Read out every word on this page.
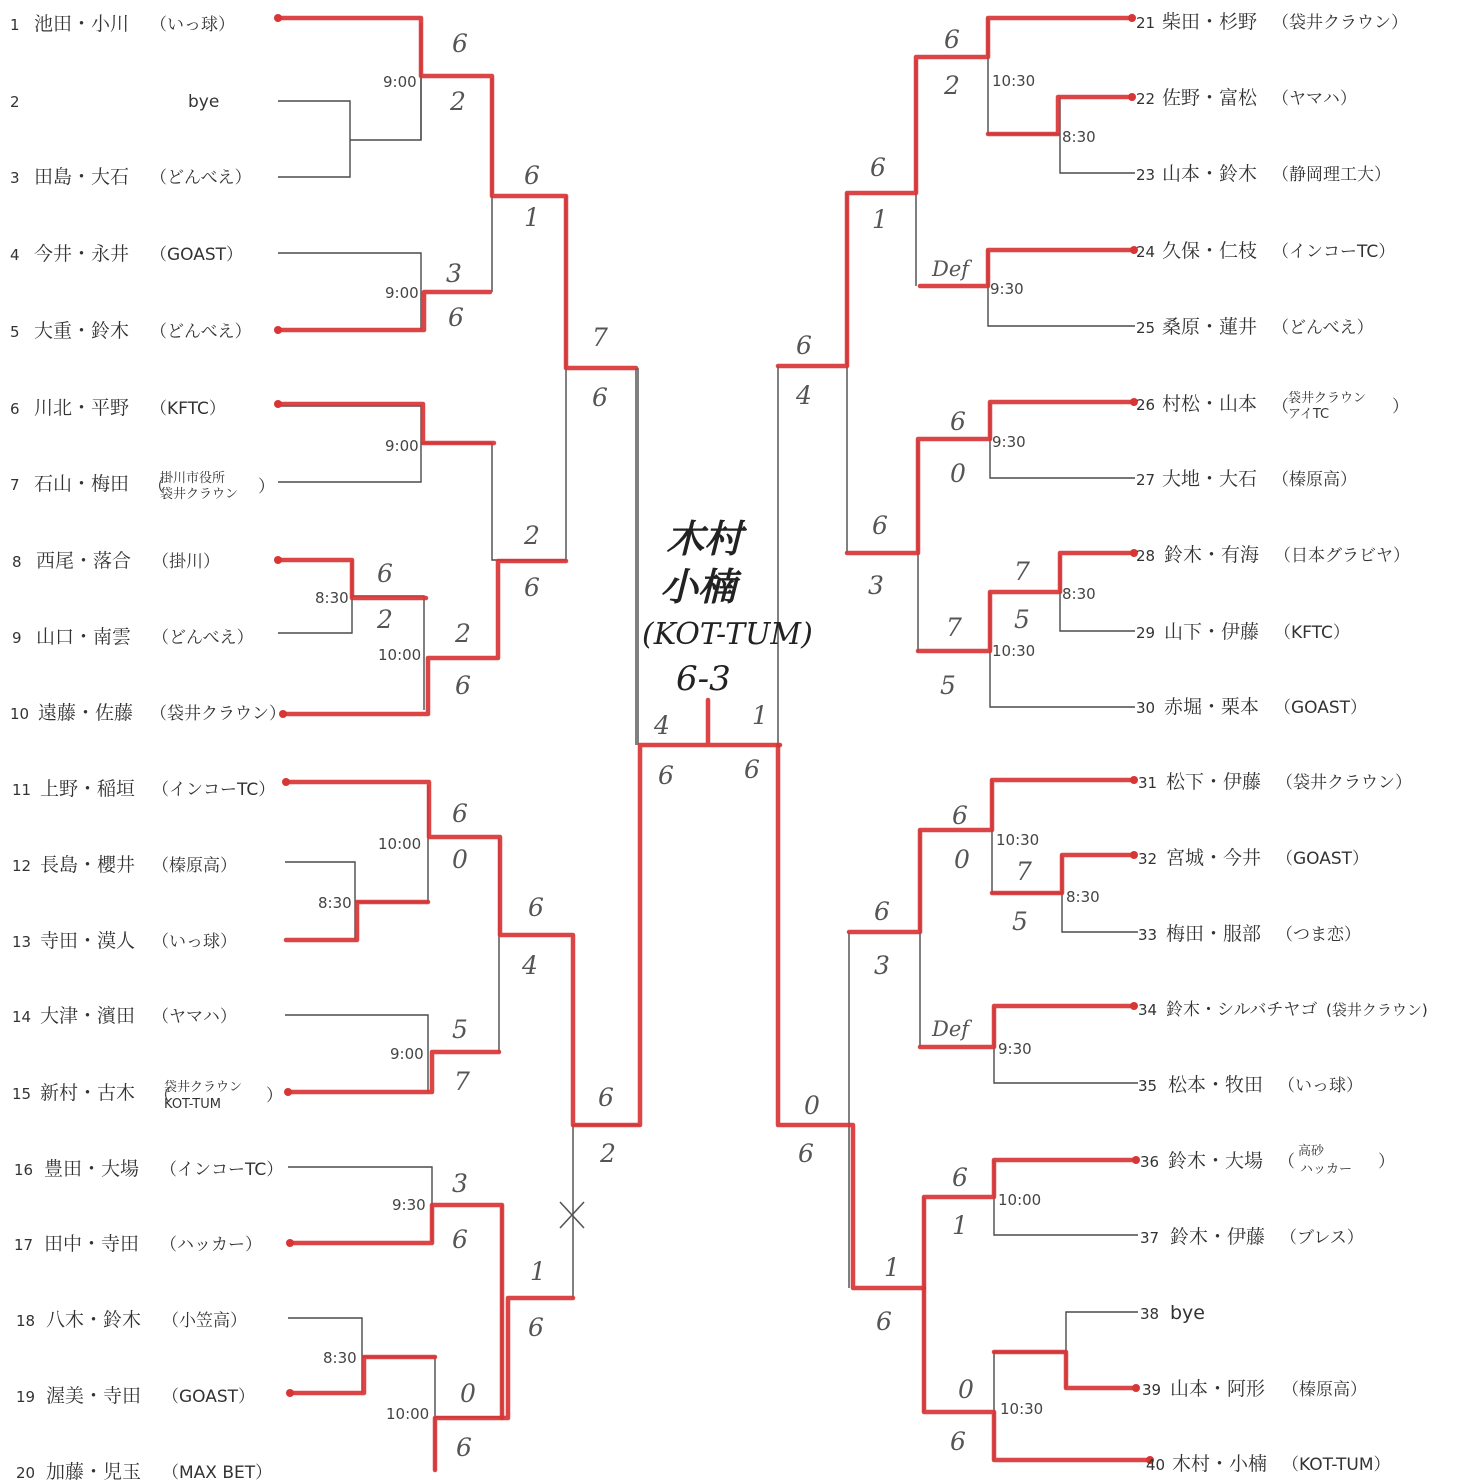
1 池田・小川 （いっ球）
2	bye
3 田島・大石 （どんべえ）
4 今井・永井 （GOAST）
5 大重・鈴木 （どんべえ）
6 川北・平野 （KFTC）
7 石山・梅田 （
掛川市役所
袋井クラウン ）
8 西尾・落合 （掛川）
9 山口・南雲 （どんべえ）
10 遠藤・佐藤 （袋井クラウン）
11 上野・稲垣 （インコーTC）
12 長島・櫻井 （榛原高）
13 寺田・漠人 （いっ球）
14 大津・濱田 （ヤマハ）
15 新村・古木 （
袋井クラウン
KOT-TUM	）
16 豊田・大場 （インコーTC）
17 田中・寺田 （ハッカー）
18 八木・鈴木 （小笠高）
19 渥美・寺田 （GOAST）
20 加藤・児玉 （MAX BET）
21 柴田・杉野 （袋井クラウン）
22 佐野・富松 （ヤマハ）
23 山本・鈴木 （静岡理工大）
24 久保・仁枝 （インコーTC）
25 桑原・蓮井 （どんべえ）
26 村松・山本 （ 袋井クラウン
アイTC	）
27 大地・大石 （榛原高）
28 鈴木・有海 （日本グラビヤ）
29 山下・伊藤 （KFTC）
30 赤堀・栗本 （GOAST）
31 松下・伊藤 （袋井クラウン）
32 宮城・今井 （GOAST）
33 梅田・服部 （つま恋）
34 鈴木・シルバチヤゴ (袋井クラウン)
35 松本・牧田 （いっ球）
36 鈴木・大場 （
高砂
ハッカー ）
37 鈴木・伊藤 （ブレス）
38 bye
39 山本・阿形 （榛原高）
40 木村・小楠 （KOT-TUM）
9:00
9:00
9:00
8:30
10:00
10:00
8:30
9:00
9:30
8:30
10:00
10:30
8:30
9:30
9:30
10:30
8:30
10:30
8:30
9:30
10:00
10:30
6
2
3
6
6
2 2
6
6
0
5
7
3
6
0
6
6
1
7
6
2
6
6
4
1
6
6
2
4
6
6
2
Def
6
0
7
5
7
5
6
0 7
5
Def
6
1
0
6
6
1
6
3
6
3
6
4
1
6
0
6
1
6
木村
小楠
(KOT-TUM)
6-3
